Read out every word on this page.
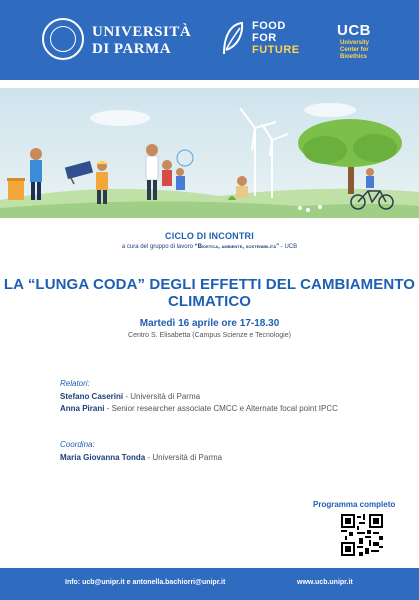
UNIVERSITÀ
DI PARMA
FOOD
FOR
FUTURE
UCB
University
Center for
Bioethics
CICLO DI INCONTRI
a cura del gruppo di lavoro “Bioetica, ambiente, sostenibilità” - UCB
LA “LUNGA CODA” DEGLI EFFETTI DEL CAMBIAMENTO CLIMATICO
Martedì 16 aprile ore 17-18.30
Centro S. Elisabetta (Campus Scienze e Tecnologie)
Relatori:
Stefano Caserini - Università di Parma
Anna Pirani - Senior researcher associate CMCC e Alternate focal point IPCC
Coordina:
Maria Giovanna Tonda - Università di Parma
Programma completo
Info: ucb@unipr.it e antonella.bachiorri@unipr.it	www.ucb.unipr.it
